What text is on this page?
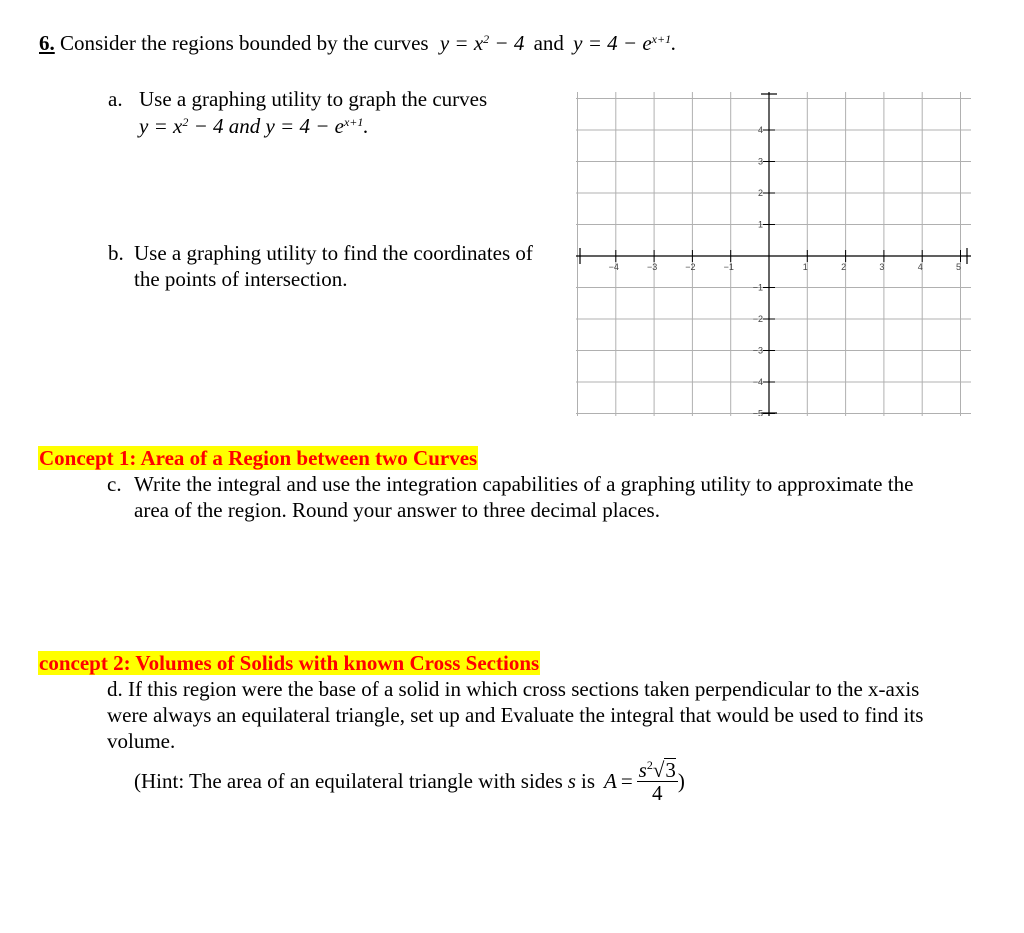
6. Consider the regions bounded by the curves $y = x^2 - 4$ and $y = 4 - e^{x+1}$.
a. Use a graphing utility to graph the curves
$y = x^2 - 4$ and $y = 4 - e^{x+1}$.
b. Use a graphing utility to find the coordinates of
the points of intersection.	−4	−3	−2	−1	1	2	3	4	5
4
3
2
1
−1
−2
−3
−4
−5
Concept 1: Area of a Region between two Curves
c. Write the integral and use the integration capabilities of a graphing utility to approximate the
area of the region. Round your answer to three decimal places.
concept 2: Volumes of Solids with known Cross Sections
d. If this region were the base of a solid in which cross sections taken perpendicular to the x-axis
were always an equilateral triangle, set up and Evaluate the integral that would be used to find its
volume.
(Hint: The area of an equilateral triangle with sides s is $A = \frac{s^2√3}{4}$ )
